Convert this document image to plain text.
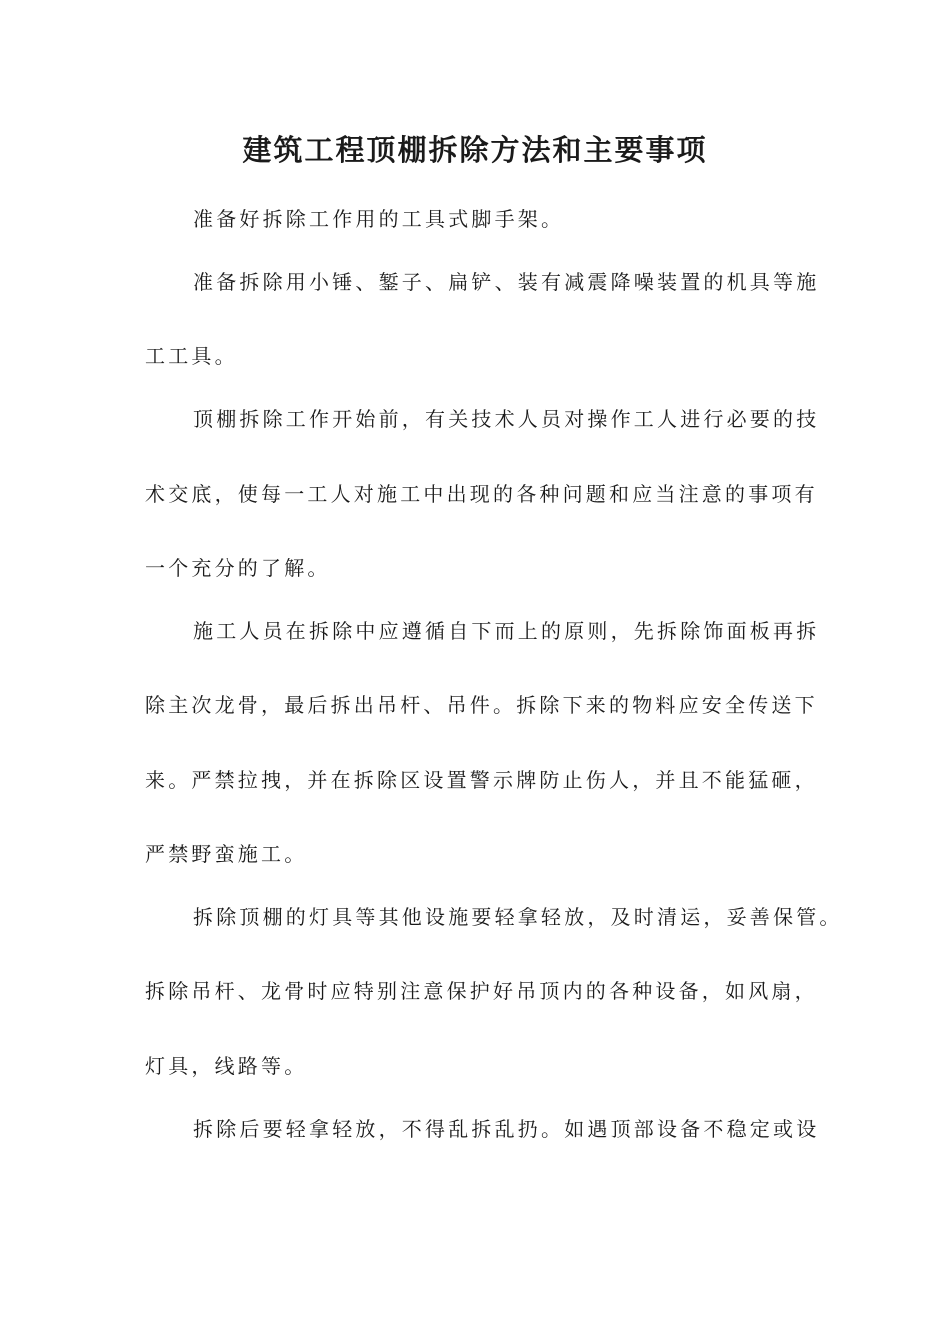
建筑工程顶棚拆除方法和主要事项

准备好拆除工作用的工具式脚手架。

准备拆除用小锤、錾子、扁铲、装有减震降噪装置的机具等施

工工具。

顶棚拆除工作开始前，有关技术人员对操作工人进行必要的技

术交底，使每一工人对施工中出现的各种问题和应当注意的事项有

一个充分的了解。

施工人员在拆除中应遵循自下而上的原则，先拆除饰面板再拆

除主次龙骨，最后拆出吊杆、吊件。拆除下来的物料应安全传送下

来。严禁拉拽，并在拆除区设置警示牌防止伤人，并且不能猛砸，

严禁野蛮施工。

拆除顶棚的灯具等其他设施要轻拿轻放，及时清运，妥善保管。

拆除吊杆、龙骨时应特别注意保护好吊顶内的各种设备，如风扇，

灯具，线路等。

拆除后要轻拿轻放，不得乱拆乱扔。如遇顶部设备不稳定或设
